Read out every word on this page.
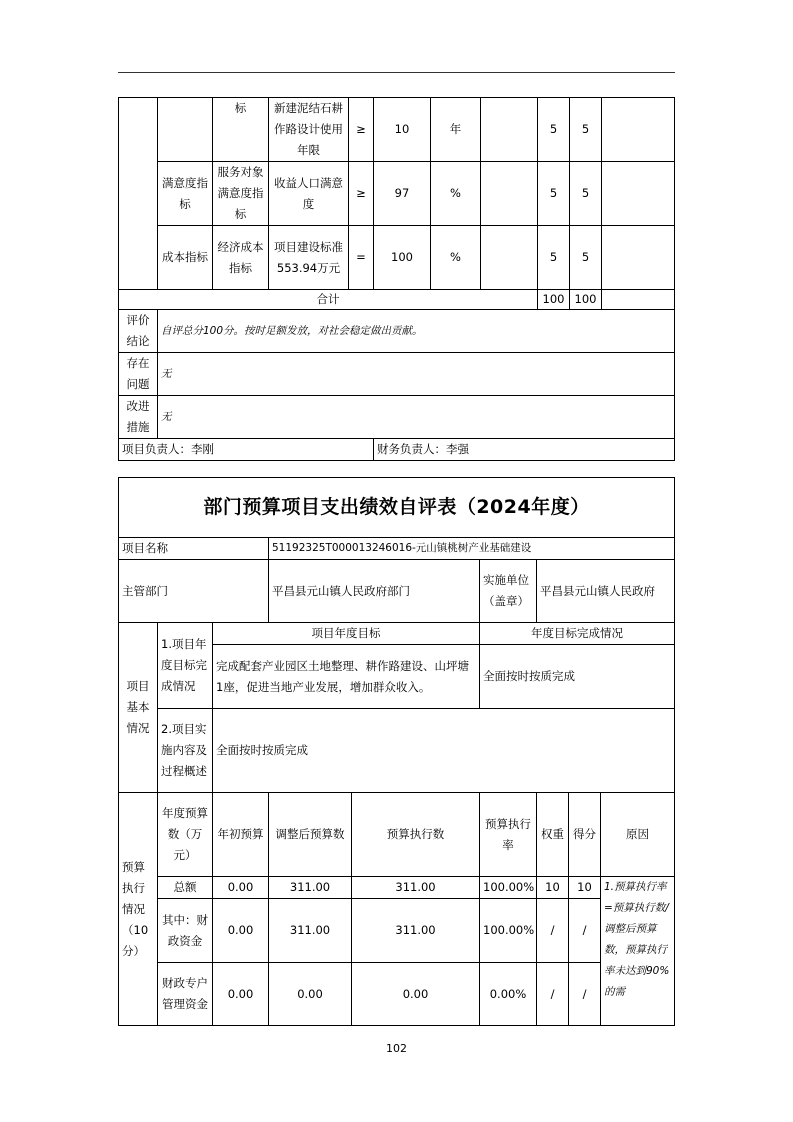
		标	新建泥结石耕作路设计使用年限	≥	10	年		5	5	
	满意度指标	服务对象满意度指标	收益人口满意度	≥	97	%		5	5	
	成本指标	经济成本指标	项目建设标准553.94万元	=	100	%		5	5	
合计								100	100	
评价结论	自评总分100分。按时足额发放，对社会稳定做出贡献。									
存在问题	无									
改进措施	无									
项目负责人：李刚					财务负责人：李强					
部门预算项目支出绩效自评表（2024年度）								
项目名称			51192325T000013246016-元山镇桃树产业基础建设					
主管部门			平昌县元山镇人民政府部门		实施单位（盖章）	平昌县元山镇人民政府		
项目基本情况	1.项目年度目标完成情况	项目年度目标			年度目标完成情况			
		完成配套产业园区土地整理、耕作路建设、山坪塘1座，促进当地产业发展，增加群众收入。			全面按时按质完成			
	2.项目实施内容及过程概述	全面按时按质完成						
预算执行情况（10分）	年度预算数（万元）	年初预算	调整后预算数	预算执行数	预算执行率	权重	得分	原因
	总额	0.00	311.00	311.00	100.00%	10	10	1.预算执行率=预算执行数/调整后预算数，预算执行率未达到90%的需
	其中：财政资金	0.00	311.00	311.00	100.00%	/	/	
	财政专户管理资金	0.00	0.00	0.00	0.00%	/	/	
102
